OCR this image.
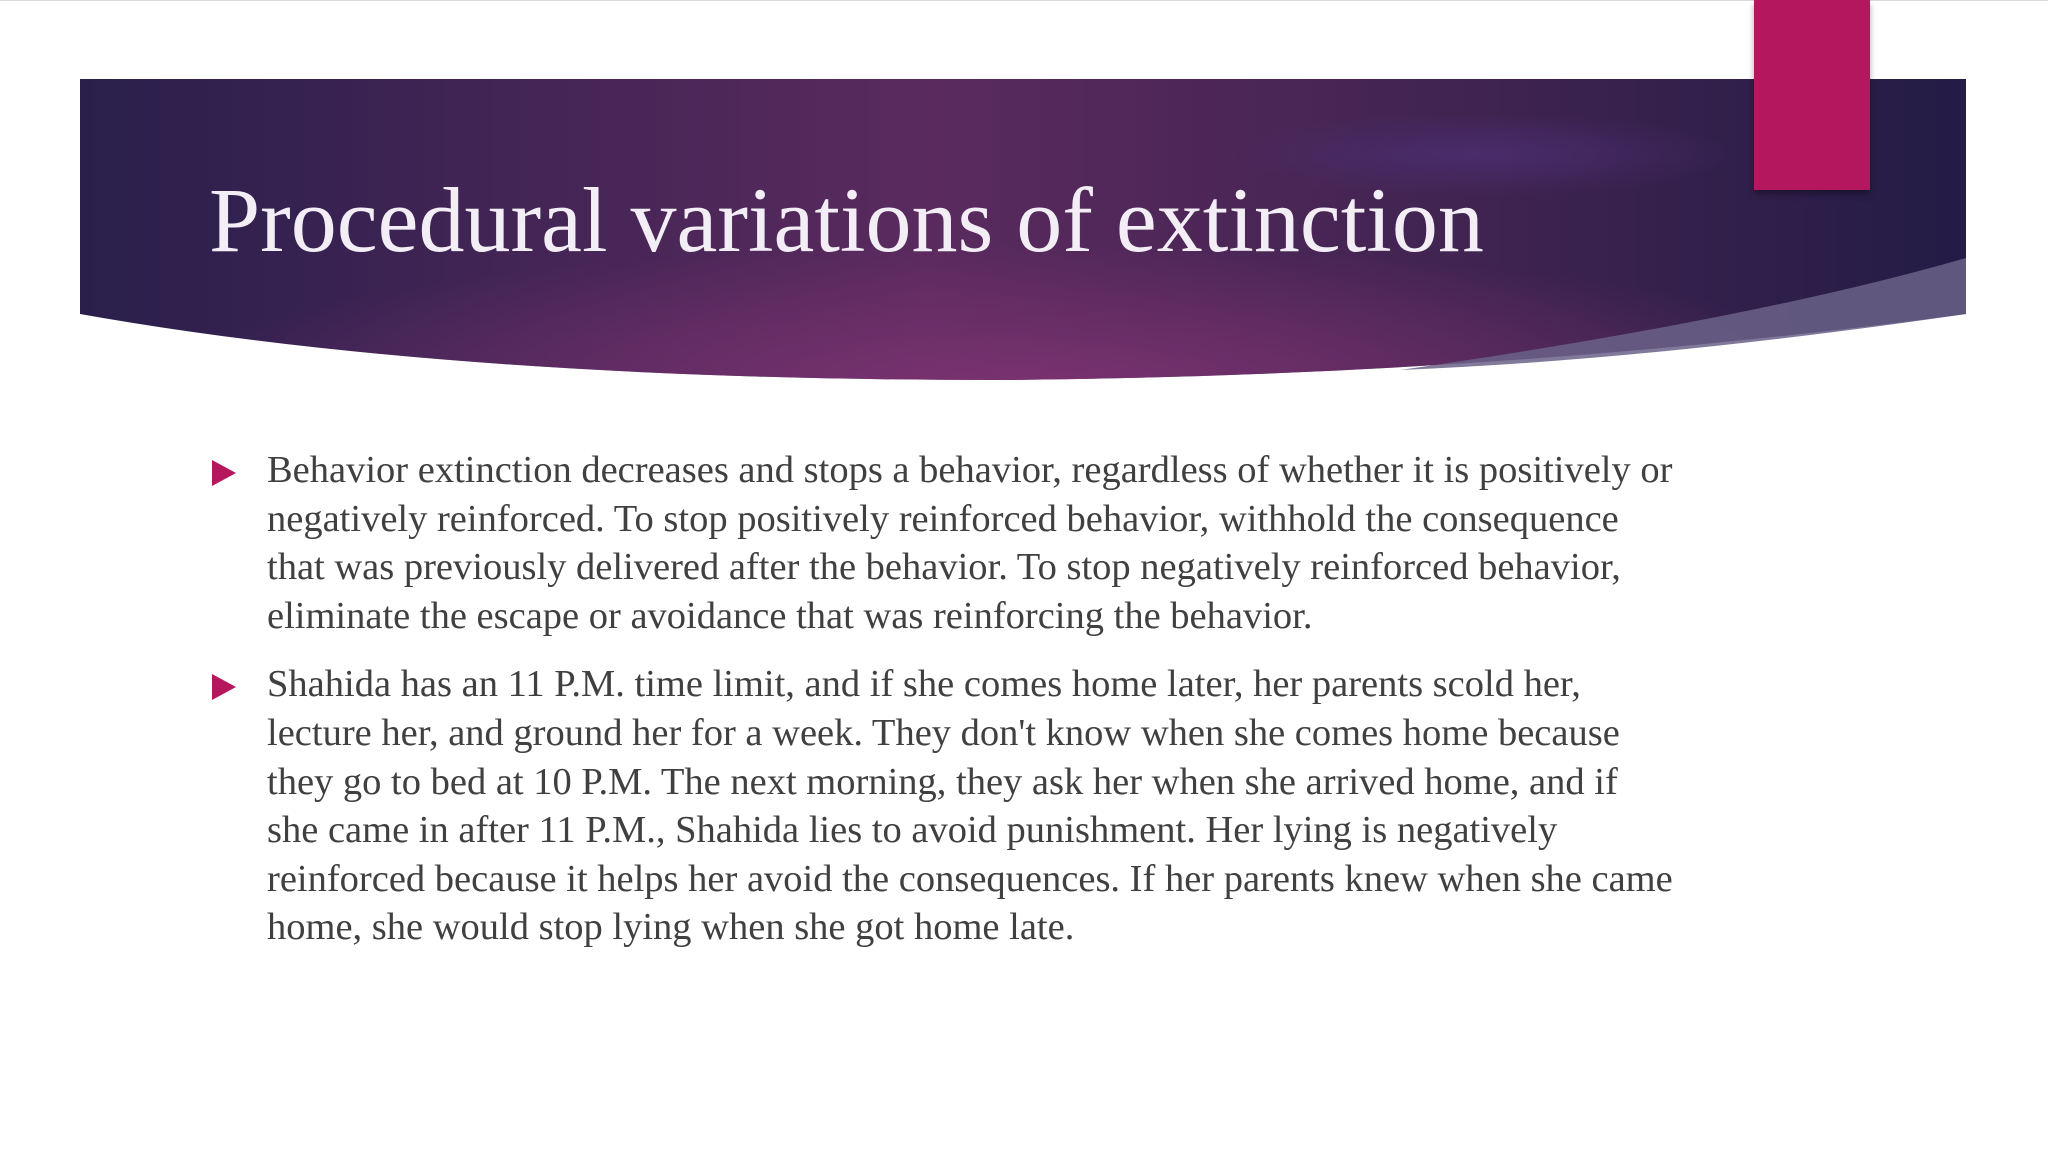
Procedural variations of extinction
Behavior extinction decreases and stops a behavior, regardless of whether it is positively or negatively reinforced. To stop positively reinforced behavior, withhold the consequence that was previously delivered after the behavior. To stop negatively reinforced behavior, eliminate the escape or avoidance that was reinforcing the behavior.
Shahida has an 11 P.M. time limit, and if she comes home later, her parents scold her, lecture her, and ground her for a week. They don't know when she comes home because they go to bed at 10 P.M. The next morning, they ask her when she arrived home, and if she came in after 11 P.M., Shahida lies to avoid punishment. Her lying is negatively reinforced because it helps her avoid the consequences. If her parents knew when she came home, she would stop lying when she got home late.
